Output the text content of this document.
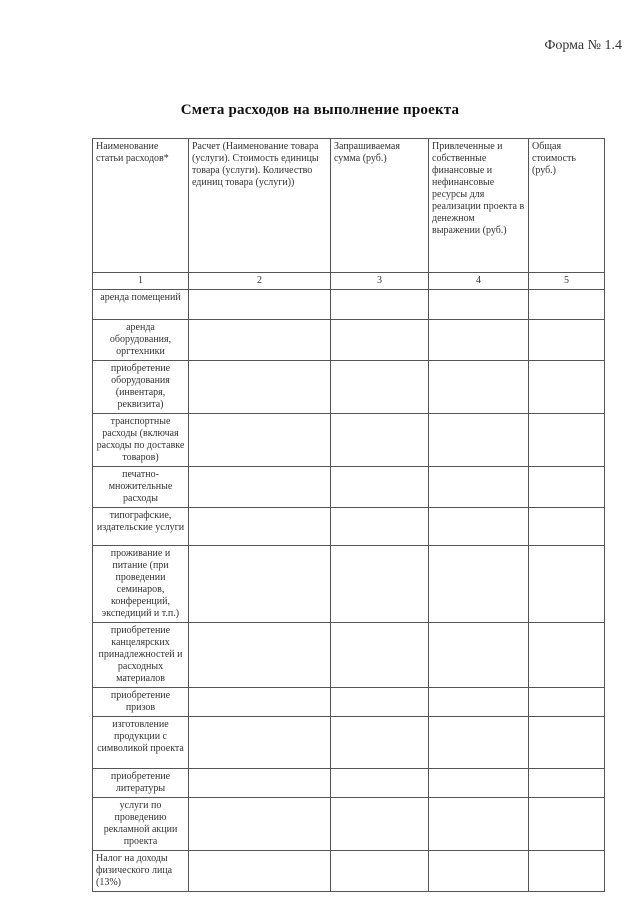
Форма № 1.4
Смета расходов на выполнение проекта
Наименование статьи расходов*	Расчет (Наименование товара (услуги). Стоимость единицы товара (услуги). Количество единиц товара (услуги))	Запрашиваемая сумма (руб.)	Привлеченные и собственные финансовые и нефинансовые ресурсы для реализации проекта в денежном выражении (руб.)	Общая стоимость (руб.)
1	2	3	4	5
аренда помещений				
аренда оборудования, оргтехники				
приобретение оборудования (инвентаря, реквизита)				
транспортные расходы (включая расходы по доставке товаров)				
печатно-множительные расходы				
типографские, издательские услуги				
проживание и питание (при проведении семинаров, конференций, экспедиций и т.п.)				
приобретение канцелярских принадлежностей и расходных материалов				
приобретение призов				
изготовление продукции с символикой проекта				
приобретение литературы				
услуги по проведению рекламной акции проекта				
Налог на доходы физического лица (13%)				
